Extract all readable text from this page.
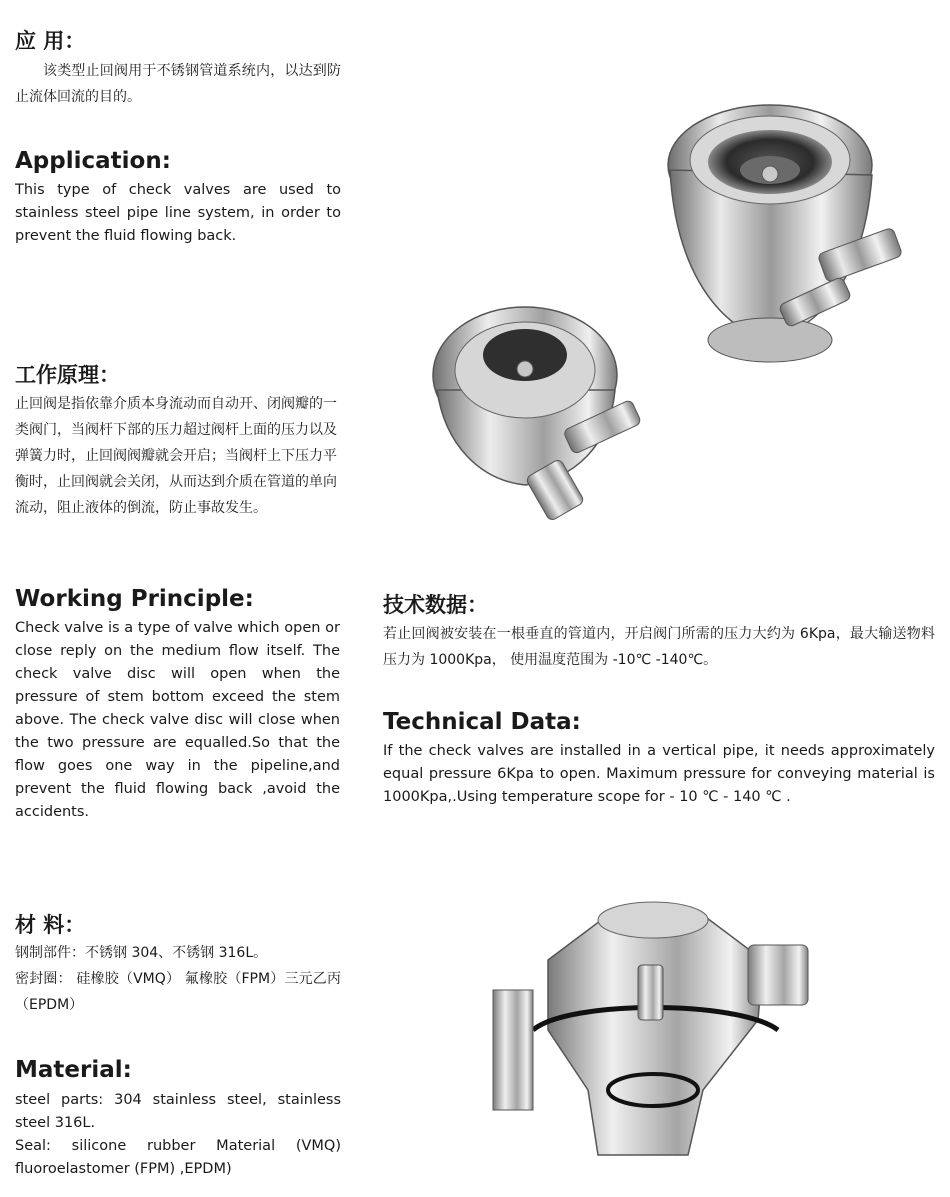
应 用：

该类型止回阀用于不锈钢管道系统内，以达到防止流体回流的目的。

Application:

This type of check valves are used to stainless steel pipe line system, in order to prevent the fluid flowing back.

工作原理：

止回阀是指依靠介质本身流动而自动开、闭阀瓣的一类阀门，当阀杆下部的压力超过阀杆上面的压力以及弹簧力时，止回阀阀瓣就会开启；当阀杆上下压力平衡时，止回阀就会关闭，从而达到介质在管道的单向流动，阻止液体的倒流，防止事故发生。

Working Principle:

Check valve is a type of valve which open or close reply on the medium flow itself. The check valve disc will open when the pressure of stem bottom exceed the stem above. The check valve disc will close when the two pressure are equalled.So that the flow goes one way in the pipeline,and prevent the fluid flowing back ,avoid the accidents.

技术数据：

若止回阀被安装在一根垂直的管道内，开启阀门所需的压力大约为 6Kpa，最大输送物料压力为 1000Kpa， 使用温度范围为 -10℃ -140℃。

Technical Data:

If the check valves are installed in a vertical pipe, it needs approximately equal pressure 6Kpa to open. Maximum pressure for conveying material is 1000Kpa,.Using temperature scope for - 10 ℃ - 140 ℃ .

材 料：

钢制部件：不锈钢 304、不锈钢 316L。

密封圈： 硅橡胶（VMQ） 氟橡胶（FPM）三元乙丙（EPDM）

Material:

steel parts: 304 stainless steel, stainless steel 316L.

Seal: silicone rubber Material (VMQ) fluoroelastomer (FPM) ,EPDM)
